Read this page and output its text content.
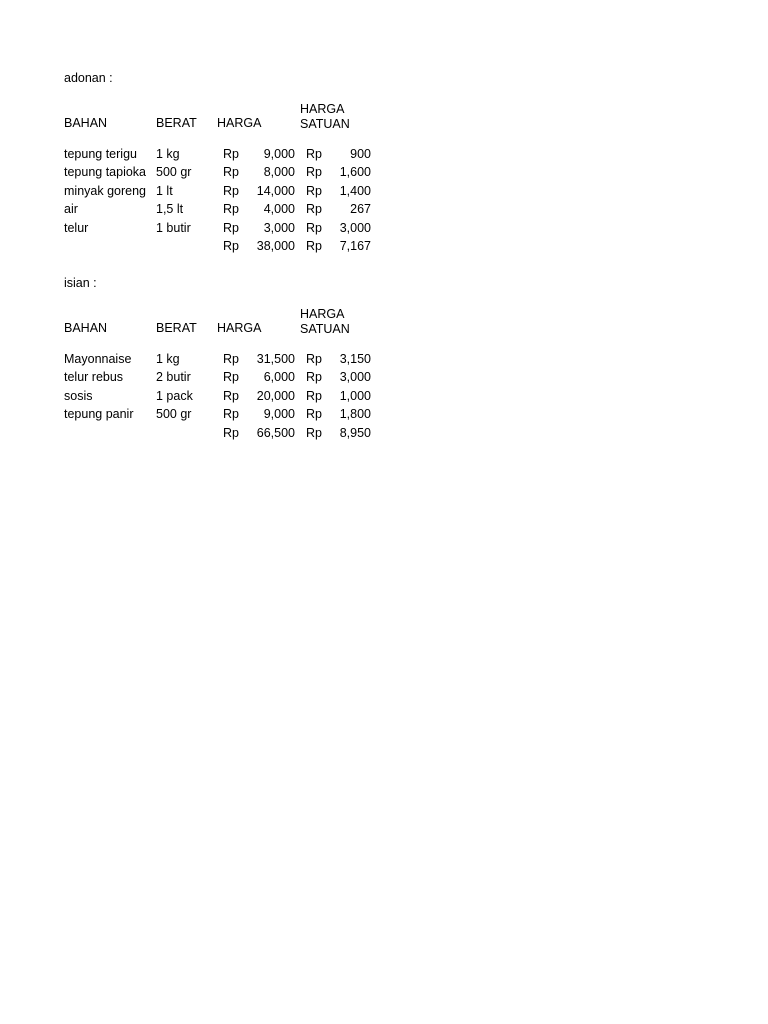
adonan :
BAHAN	BERAT HARGA
HARGA SATUAN
tepung terigu 1 kg	Rp	9,000 Rp	900
tepung tapioka 500 gr	Rp	8,000 Rp	1,600
minyak goreng 1 lt	Rp	14,000 Rp	1,400
air	1,5 lt	Rp	4,000 Rp	267
telur	1 butir	Rp	3,000 Rp	3,000
Rp	38,000 Rp	7,167
isian :
BAHAN	BERAT HARGA
HARGA SATUAN
Mayonnaise 1 kg	Rp	31,500 Rp	3,150
telur rebus	2 butir	Rp	6,000 Rp	3,000
sosis	1 pack Rp	20,000 Rp	1,000
tepung panir 500 gr	Rp	9,000 Rp	1,800
Rp	66,500 Rp	8,950
